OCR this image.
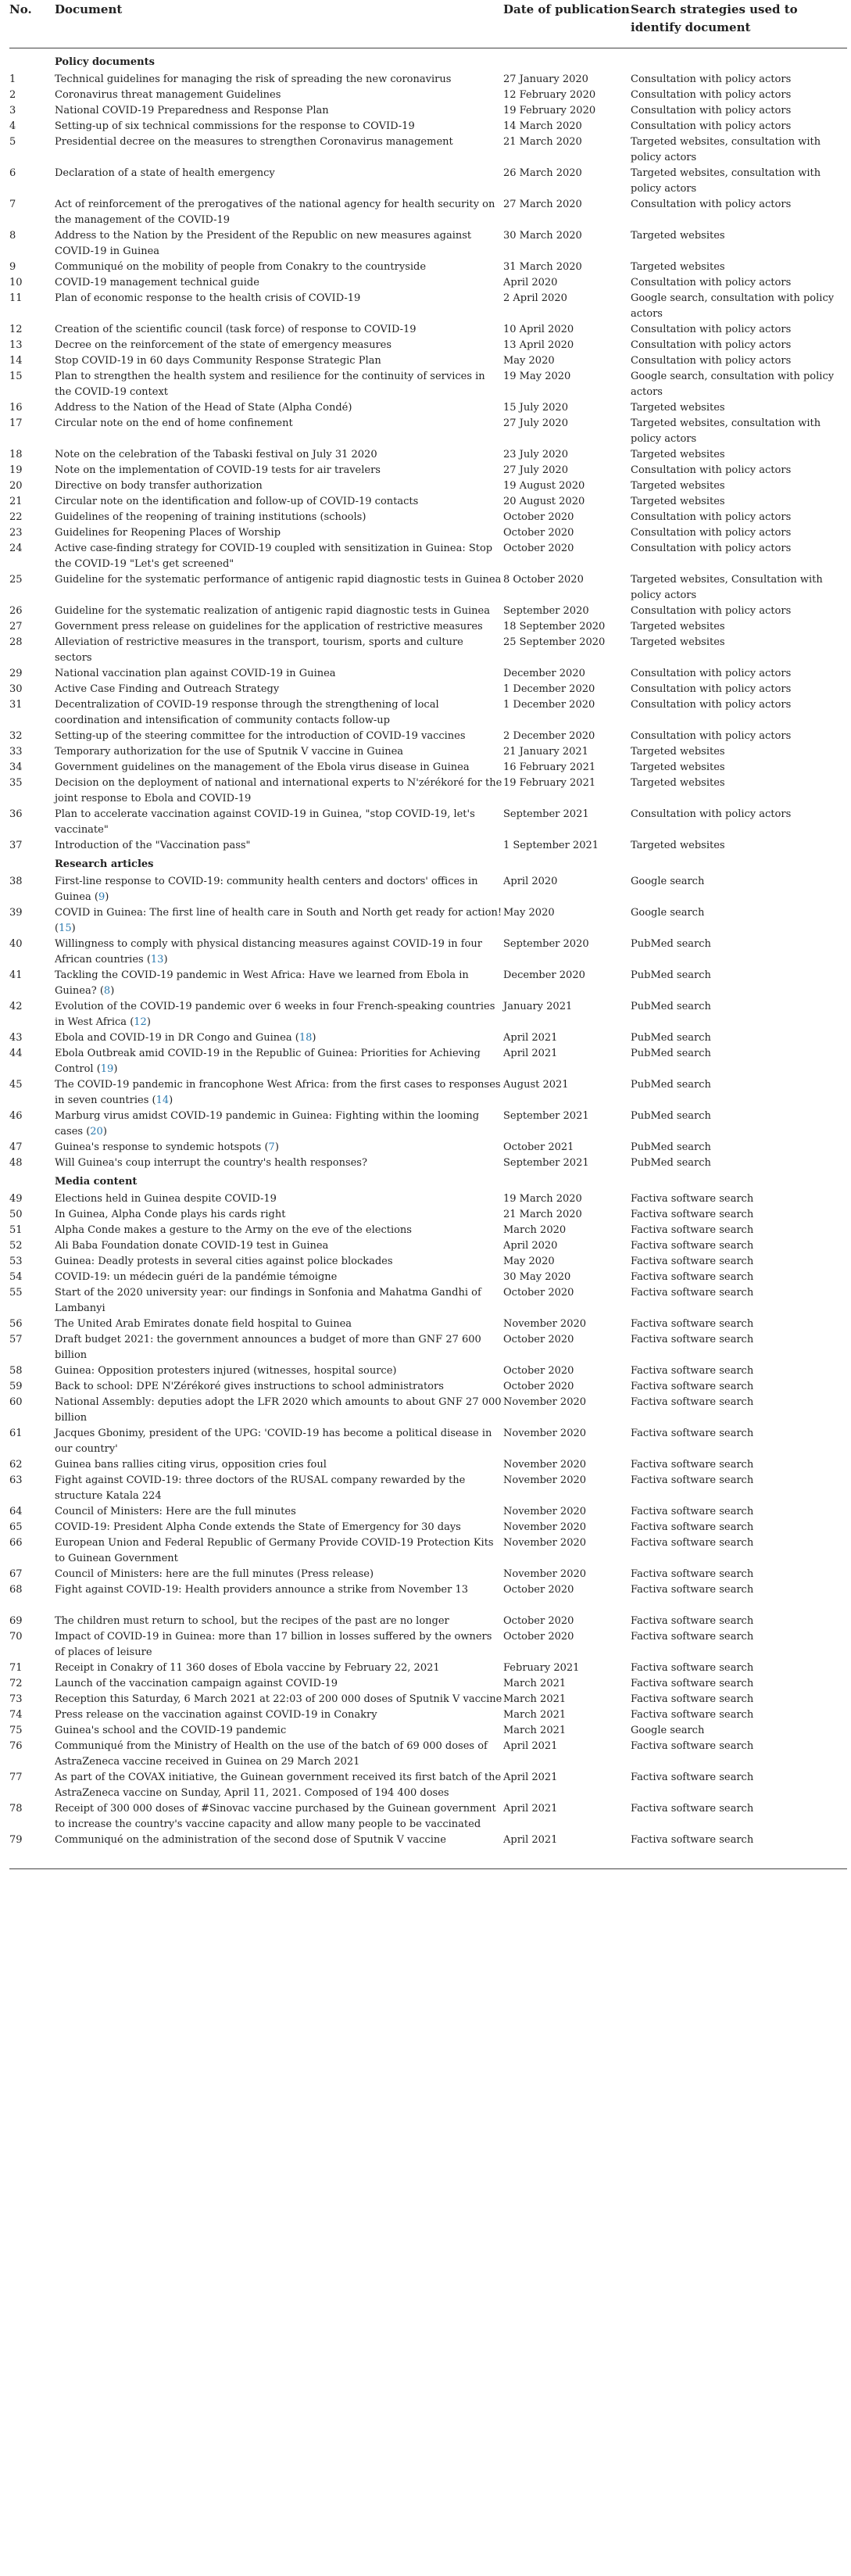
No.	Document	Date of publication	Search strategies used to identify document
	Policy documents		
1	Technical guidelines for managing the risk of spreading the new coronavirus	27 January 2020	Consultation with policy actors
2	Coronavirus threat management Guidelines	12 February 2020	Consultation with policy actors
3	National COVID-19 Preparedness and Response Plan	19 February 2020	Consultation with policy actors
4	Setting-up of six technical commissions for the response to COVID-19	14 March 2020	Consultation with policy actors
5	Presidential decree on the measures to strengthen Coronavirus management	21 March 2020	Targeted websites, consultation with policy actors
6	Declaration of a state of health emergency	26 March 2020	Targeted websites, consultation with policy actors
7	Act of reinforcement of the prerogatives of the national agency for health security on the management of the COVID-19	27 March 2020	Consultation with policy actors
8	Address to the Nation by the President of the Republic on new measures against COVID-19 in Guinea	30 March 2020	Targeted websites
9	Communiqué on the mobility of people from Conakry to the countryside	31 March 2020	Targeted websites
10	COVID-19 management technical guide	April 2020	Consultation with policy actors
11	Plan of economic response to the health crisis of COVID-19	2 April 2020	Google search, consultation with policy actors
12	Creation of the scientific council (task force) of response to COVID-19	10 April 2020	Consultation with policy actors
13	Decree on the reinforcement of the state of emergency measures	13 April 2020	Consultation with policy actors
14	Stop COVID-19 in 60 days Community Response Strategic Plan	May 2020	Consultation with policy actors
15	Plan to strengthen the health system and resilience for the continuity of services in the COVID-19 context	19 May 2020	Google search, consultation with policy actors
16	Address to the Nation of the Head of State (Alpha Condé)	15 July 2020	Targeted websites
17	Circular note on the end of home confinement	27 July 2020	Targeted websites, consultation with policy actors
18	Note on the celebration of the Tabaski festival on July 31 2020	23 July 2020	Targeted websites
19	Note on the implementation of COVID-19 tests for air travelers	27 July 2020	Consultation with policy actors
20	Directive on body transfer authorization	19 August 2020	Targeted websites
21	Circular note on the identification and follow-up of COVID-19 contacts	20 August 2020	Targeted websites
22	Guidelines of the reopening of training institutions (schools)	October 2020	Consultation with policy actors
23	Guidelines for Reopening Places of Worship	October 2020	Consultation with policy actors
24	Active case-finding strategy for COVID-19 coupled with sensitization in Guinea: Stop the COVID-19 "Let's get screened"	October 2020	Consultation with policy actors
25	Guideline for the systematic performance of antigenic rapid diagnostic tests in Guinea	8 October 2020	Targeted websites, Consultation with policy actors
26	Guideline for the systematic realization of antigenic rapid diagnostic tests in Guinea	September 2020	Consultation with policy actors
27	Government press release on guidelines for the application of restrictive measures	18 September 2020	Targeted websites
28	Alleviation of restrictive measures in the transport, tourism, sports and culture sectors	25 September 2020	Targeted websites
29	National vaccination plan against COVID-19 in Guinea	December 2020	Consultation with policy actors
30	Active Case Finding and Outreach Strategy	1 December 2020	Consultation with policy actors
31	Decentralization of COVID-19 response through the strengthening of local coordination and intensification of community contacts follow-up	1 December 2020	Consultation with policy actors
32	Setting-up of the steering committee for the introduction of COVID-19 vaccines	2 December 2020	Consultation with policy actors
33	Temporary authorization for the use of Sputnik V vaccine in Guinea	21 January 2021	Targeted websites
34	Government guidelines on the management of the Ebola virus disease in Guinea	16 February 2021	Targeted websites
35	Decision on the deployment of national and international experts to N'zérékoré for the joint response to Ebola and COVID-19	19 February 2021	Targeted websites
36	Plan to accelerate vaccination against COVID-19 in Guinea, "stop COVID-19, let's vaccinate"	September 2021	Consultation with policy actors
37	Introduction of the "Vaccination pass"	1 September 2021	Targeted websites
	Research articles		
38	First-line response to COVID-19: community health centers and doctors' offices in Guinea (9)	April 2020	Google search
39	COVID in Guinea: The first line of health care in South and North get ready for action! (15)	May 2020	Google search
40	Willingness to comply with physical distancing measures against COVID-19 in four African countries (13)	September 2020	PubMed search
41	Tackling the COVID-19 pandemic in West Africa: Have we learned from Ebola in Guinea? (8)	December 2020	PubMed search
42	Evolution of the COVID-19 pandemic over 6 weeks in four French-speaking countries in West Africa (12)	January 2021	PubMed search
43	Ebola and COVID-19 in DR Congo and Guinea (18)	April 2021	PubMed search
44	Ebola Outbreak amid COVID-19 in the Republic of Guinea: Priorities for Achieving Control (19)	April 2021	PubMed search
45	The COVID-19 pandemic in francophone West Africa: from the first cases to responses in seven countries (14)	August 2021	PubMed search
46	Marburg virus amidst COVID-19 pandemic in Guinea: Fighting within the looming cases (20)	September 2021	PubMed search
47	Guinea's response to syndemic hotspots (7)	October 2021	PubMed search
48	Will Guinea's coup interrupt the country's health responses?	September 2021	PubMed search
	Media content		
49	Elections held in Guinea despite COVID-19	19 March 2020	Factiva software search
50	In Guinea, Alpha Conde plays his cards right	21 March 2020	Factiva software search
51	Alpha Conde makes a gesture to the Army on the eve of the elections	March 2020	Factiva software search
52	Ali Baba Foundation donate COVID-19 test in Guinea	April 2020	Factiva software search
53	Guinea: Deadly protests in several cities against police blockades	May 2020	Factiva software search
54	COVID-19: un médecin guéri de la pandémie témoigne	30 May 2020	Factiva software search
55	Start of the 2020 university year: our findings in Sonfonia and Mahatma Gandhi of Lambanyi	October 2020	Factiva software search
56	The United Arab Emirates donate field hospital to Guinea	November 2020	Factiva software search
57	Draft budget 2021: the government announces a budget of more than GNF 27 600 billion	October 2020	Factiva software search
58	Guinea: Opposition protesters injured (witnesses, hospital source)	October 2020	Factiva software search
59	Back to school: DPE N'Zérékoré gives instructions to school administrators	October 2020	Factiva software search
60	National Assembly: deputies adopt the LFR 2020 which amounts to about GNF 27 000 billion	November 2020	Factiva software search
61	Jacques Gbonimy, president of the UPG: 'COVID-19 has become a political disease in our country'	November 2020	Factiva software search
62	Guinea bans rallies citing virus, opposition cries foul	November 2020	Factiva software search
63	Fight against COVID-19: three doctors of the RUSAL company rewarded by the structure Katala 224	November 2020	Factiva software search
64	Council of Ministers: Here are the full minutes	November 2020	Factiva software search
65	COVID-19: President Alpha Conde extends the State of Emergency for 30 days	November 2020	Factiva software search
66	European Union and Federal Republic of Germany Provide COVID-19 Protection Kits to Guinean Government	November 2020	Factiva software search
67	Council of Ministers: here are the full minutes (Press release)	November 2020	Factiva software search
68	Fight against COVID-19: Health providers announce a strike from November 13	October 2020	Factiva software search
69	The children must return to school, but the recipes of the past are no longer	October 2020	Factiva software search
70	Impact of COVID-19 in Guinea: more than 17 billion in losses suffered by the owners of places of leisure	October 2020	Factiva software search
71	Receipt in Conakry of 11 360 doses of Ebola vaccine by February 22, 2021	February 2021	Factiva software search
72	Launch of the vaccination campaign against COVID-19	March 2021	Factiva software search
73	Reception this Saturday, 6 March 2021 at 22:03 of 200 000 doses of Sputnik V vaccine	March 2021	Factiva software search
74	Press release on the vaccination against COVID-19 in Conakry	March 2021	Factiva software search
75	Guinea's school and the COVID-19 pandemic	March 2021	Google search
76	Communiqué from the Ministry of Health on the use of the batch of 69 000 doses of AstraZeneca vaccine received in Guinea on 29 March 2021	April 2021	Factiva software search
77	As part of the COVAX initiative, the Guinean government received its first batch of the AstraZeneca vaccine on Sunday, April 11, 2021. Composed of 194 400 doses	April 2021	Factiva software search
78	Receipt of 300 000 doses of #Sinovac vaccine purchased by the Guinean government to increase the country's vaccine capacity and allow many people to be vaccinated	April 2021	Factiva software search
79	Communiqué on the administration of the second dose of Sputnik V vaccine	April 2021	Factiva software search
